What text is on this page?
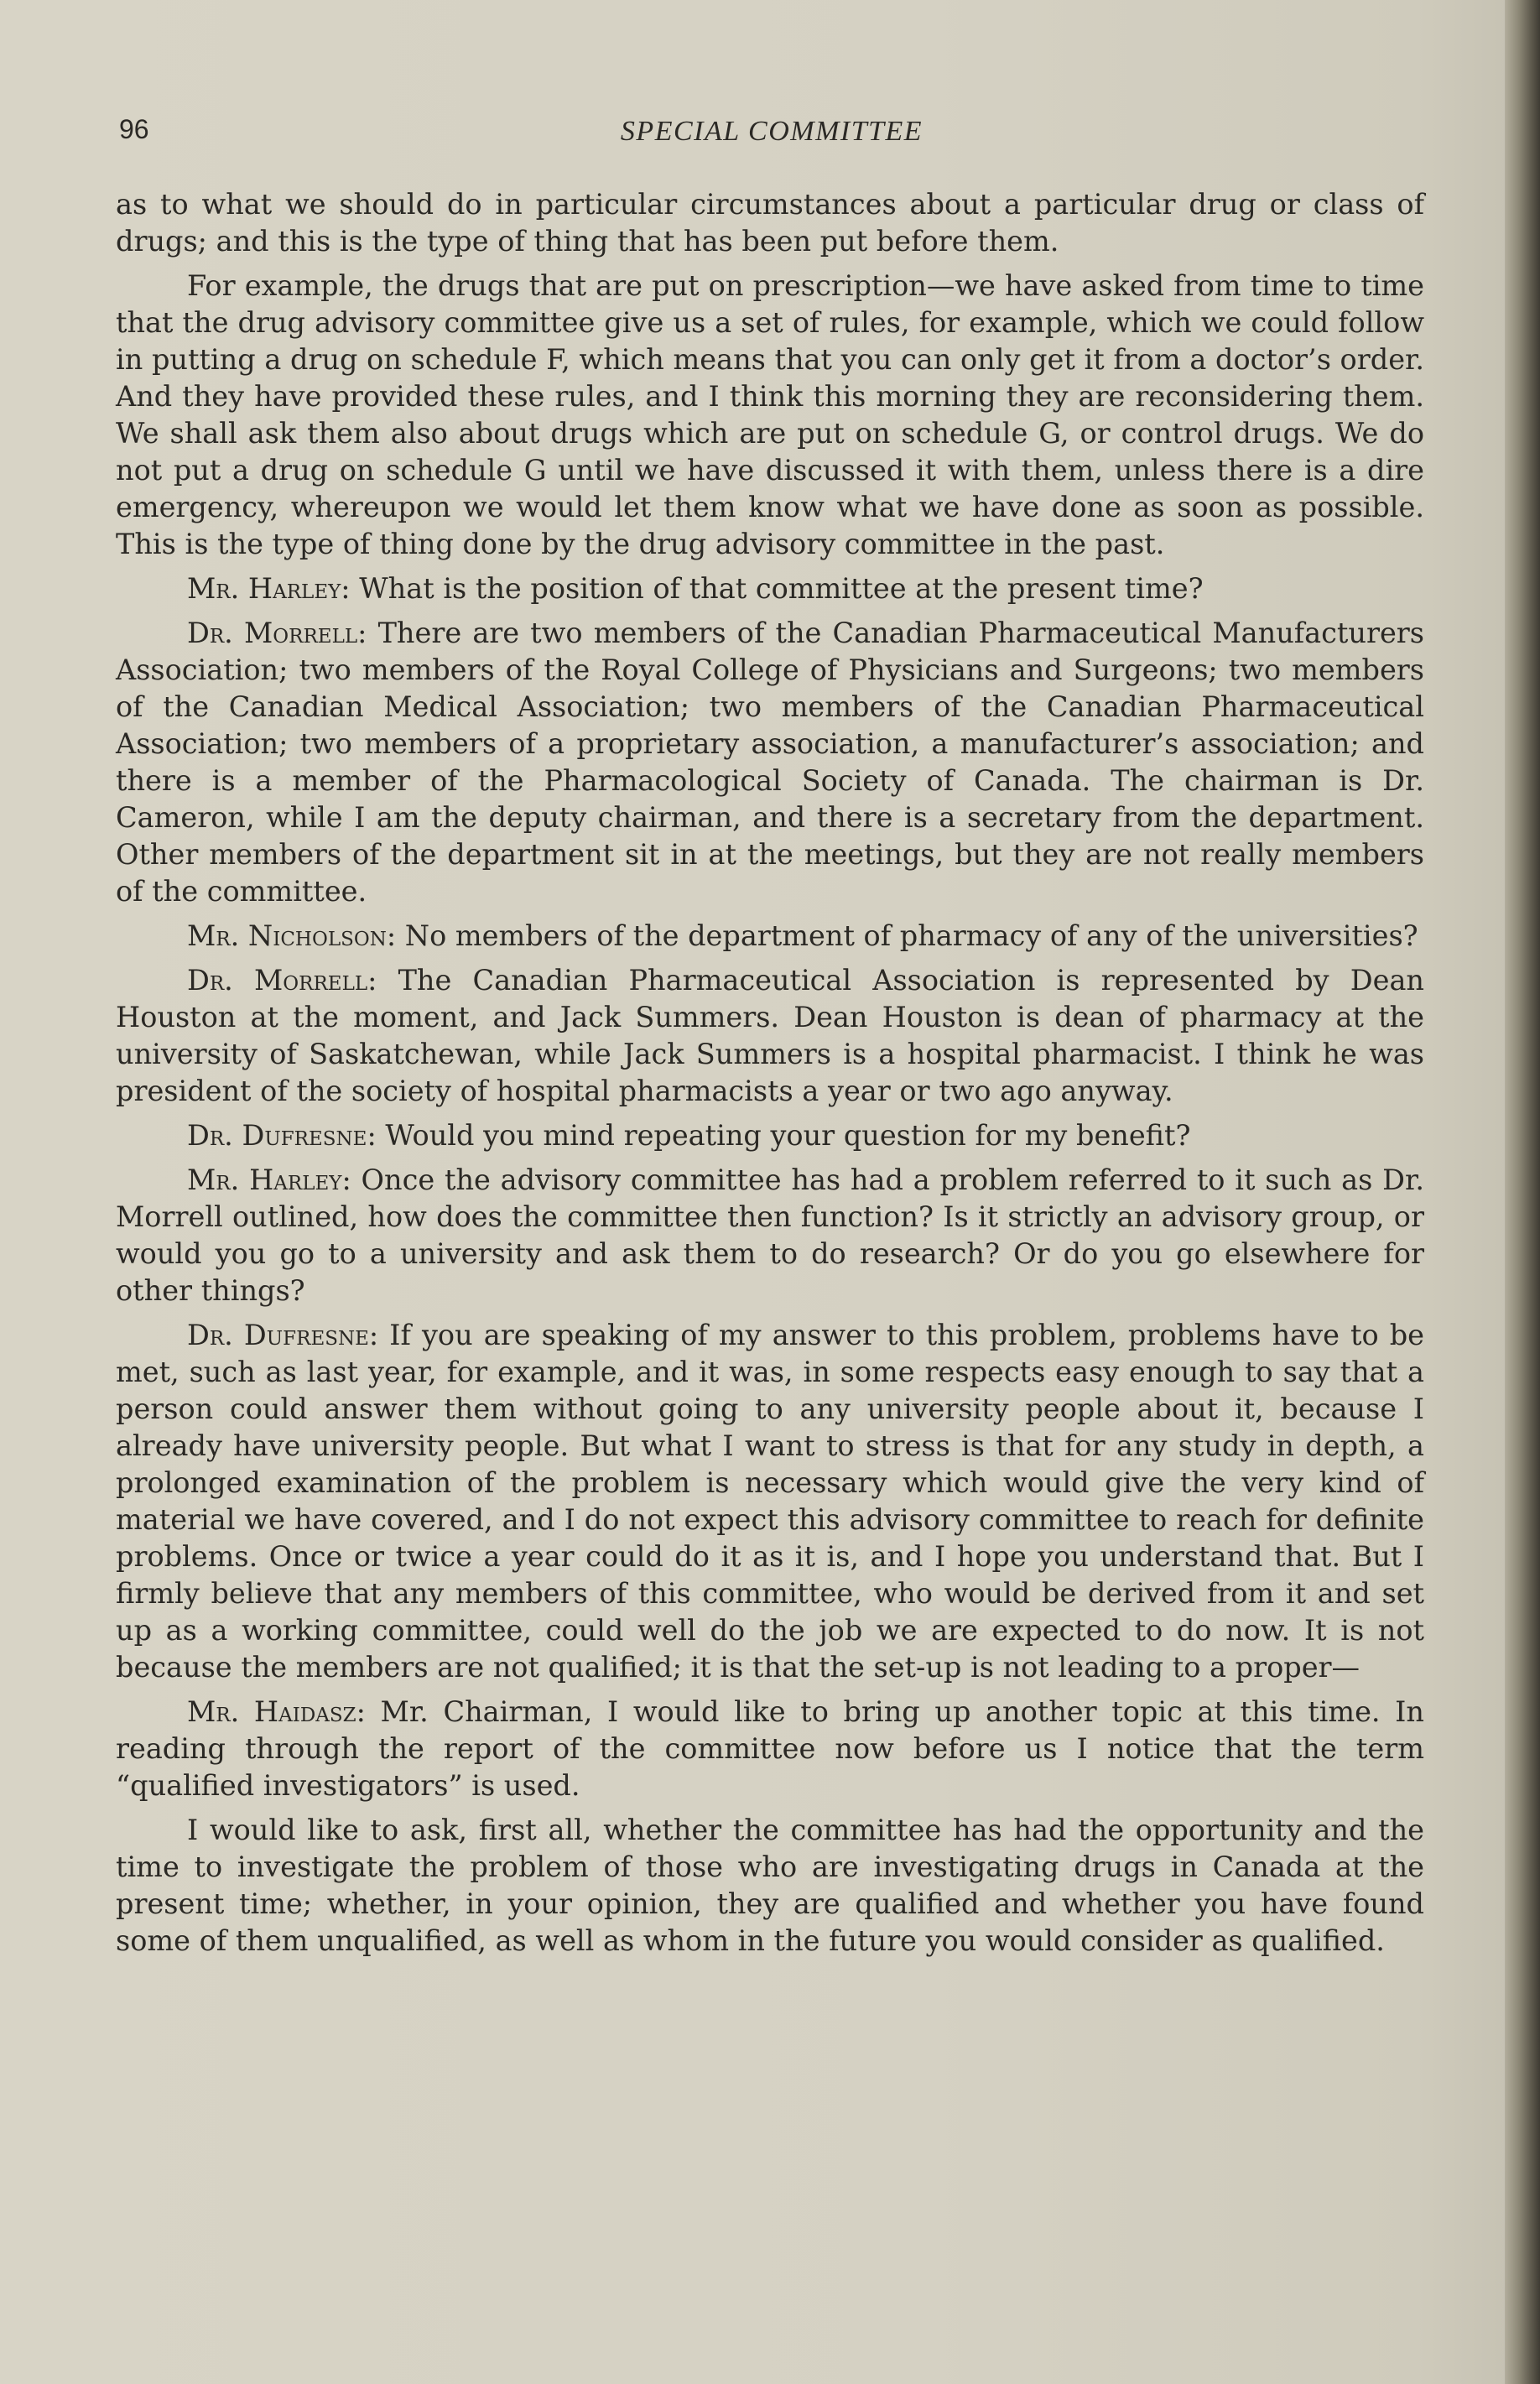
96	SPECIAL COMMITTEE

as to what we should do in particular circumstances about a particular drug or class of drugs; and this is the type of thing that has been put before them.

For example, the drugs that are put on prescription—we have asked from time to time that the drug advisory committee give us a set of rules, for example, which we could follow in putting a drug on schedule F, which means that you can only get it from a doctor’s order. And they have provided these rules, and I think this morning they are reconsidering them. We shall ask them also about drugs which are put on schedule G, or control drugs. We do not put a drug on schedule G until we have discussed it with them, unless there is a dire emergency, whereupon we would let them know what we have done as soon as possible. This is the type of thing done by the drug advisory committee in the past.

Mr. Harley: What is the position of that committee at the present time?

Dr. Morrell: There are two members of the Canadian Pharmaceutical Manufacturers Association; two members of the Royal College of Physicians and Surgeons; two members of the Canadian Medical Association; two members of the Canadian Pharmaceutical Association; two members of a proprietary association, a manufacturer’s association; and there is a member of the Pharmacological Society of Canada. The chairman is Dr. Cameron, while I am the deputy chairman, and there is a secretary from the department. Other members of the department sit in at the meetings, but they are not really members of the committee.

Mr. Nicholson: No members of the department of pharmacy of any of the universities?

Dr. Morrell: The Canadian Pharmaceutical Association is represented by Dean Houston at the moment, and Jack Summers. Dean Houston is dean of pharmacy at the university of Saskatchewan, while Jack Summers is a hospital pharmacist. I think he was president of the society of hospital pharmacists a year or two ago anyway.

Dr. Dufresne: Would you mind repeating your question for my benefit?

Mr. Harley: Once the advisory committee has had a problem referred to it such as Dr. Morrell outlined, how does the committee then function? Is it strictly an advisory group, or would you go to a university and ask them to do research? Or do you go elsewhere for other things?

Dr. Dufresne: If you are speaking of my answer to this problem, problems have to be met, such as last year, for example, and it was, in some respects easy enough to say that a person could answer them without going to any university people about it, because I already have university people. But what I want to stress is that for any study in depth, a prolonged examination of the problem is necessary which would give the very kind of material we have covered, and I do not expect this advisory committee to reach for definite problems. Once or twice a year could do it as it is, and I hope you understand that. But I firmly believe that any members of this committee, who would be derived from it and set up as a working committee, could well do the job we are expected to do now. It is not because the members are not qualified; it is that the set-up is not leading to a proper—

Mr. Haidasz: Mr. Chairman, I would like to bring up another topic at this time. In reading through the report of the committee now before us I notice that the term “qualified investigators” is used.

I would like to ask, first all, whether the committee has had the opportunity and the time to investigate the problem of those who are investigating drugs in Canada at the present time; whether, in your opinion, they are qualified and whether you have found some of them unqualified, as well as whom in the future you would consider as qualified.
